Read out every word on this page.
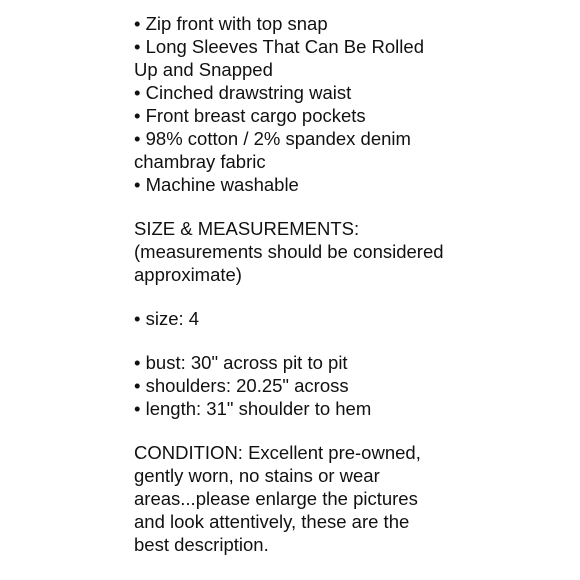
• Zip front with top snap
• Long Sleeves That Can Be Rolled
Up and Snapped
• Cinched drawstring waist
• Front breast cargo pockets
• 98% cotton / 2% spandex denim
chambray fabric
• Machine washable
SIZE & MEASUREMENTS:
(measurements should be considered
approximate)
• size: 4
• bust: 30" across pit to pit
• shoulders: 20.25" across
• length: 31" shoulder to hem
CONDITION: Excellent pre-owned,
gently worn, no stains or wear
areas...please enlarge the pictures
and look attentively, these are the
best description.
